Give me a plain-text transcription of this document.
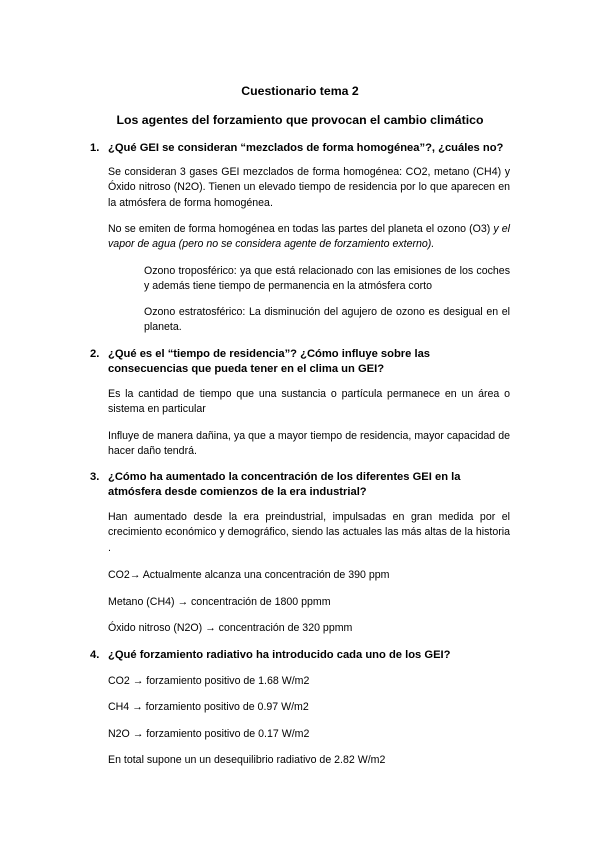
Cuestionario tema 2
Los agentes del forzamiento que provocan el cambio climático
1. ¿Qué GEI se consideran “mezclados de forma homogénea”?, ¿cuáles no?
Se consideran 3 gases GEI mezclados de forma homogénea: CO2, metano (CH4) y Óxido nitroso (N2O). Tienen un elevado tiempo de residencia por lo que aparecen en la atmósfera de forma homogénea.
No se emiten de forma homogénea en todas las partes del planeta el ozono (O3) y el vapor de agua (pero no se considera agente de forzamiento externo).
Ozono troposférico: ya que está relacionado con las emisiones de los coches y además tiene tiempo de permanencia en la atmósfera corto
Ozono estratosférico: La disminución del agujero de ozono es desigual en el planeta.
2. ¿Qué es el “tiempo de residencia”? ¿Cómo influye sobre las consecuencias que pueda tener en el clima un GEI?
Es la cantidad de tiempo que una sustancia o partícula permanece en un área o sistema en particular
Influye de manera dañina, ya que a mayor tiempo de residencia, mayor capacidad de hacer daño tendrá.
3. ¿Cómo ha aumentado la concentración de los diferentes GEI en la atmósfera desde comienzos de la era industrial?
Han aumentado desde la era preindustrial, impulsadas en gran medida por el crecimiento económico y demográfico, siendo las actuales las más altas de la historia .
CO2→ Actualmente alcanza una concentración de 390 ppm
Metano (CH4) → concentración de 1800 ppmm
Óxido nitroso (N2O) → concentración de 320 ppmm
4. ¿Qué forzamiento radiativo ha introducido cada uno de los GEI?
CO2 → forzamiento positivo de 1.68 W/m2
CH4 → forzamiento positivo de 0.97 W/m2
N2O → forzamiento positivo de 0.17 W/m2
En total supone un un desequilibrio radiativo de 2.82 W/m2
